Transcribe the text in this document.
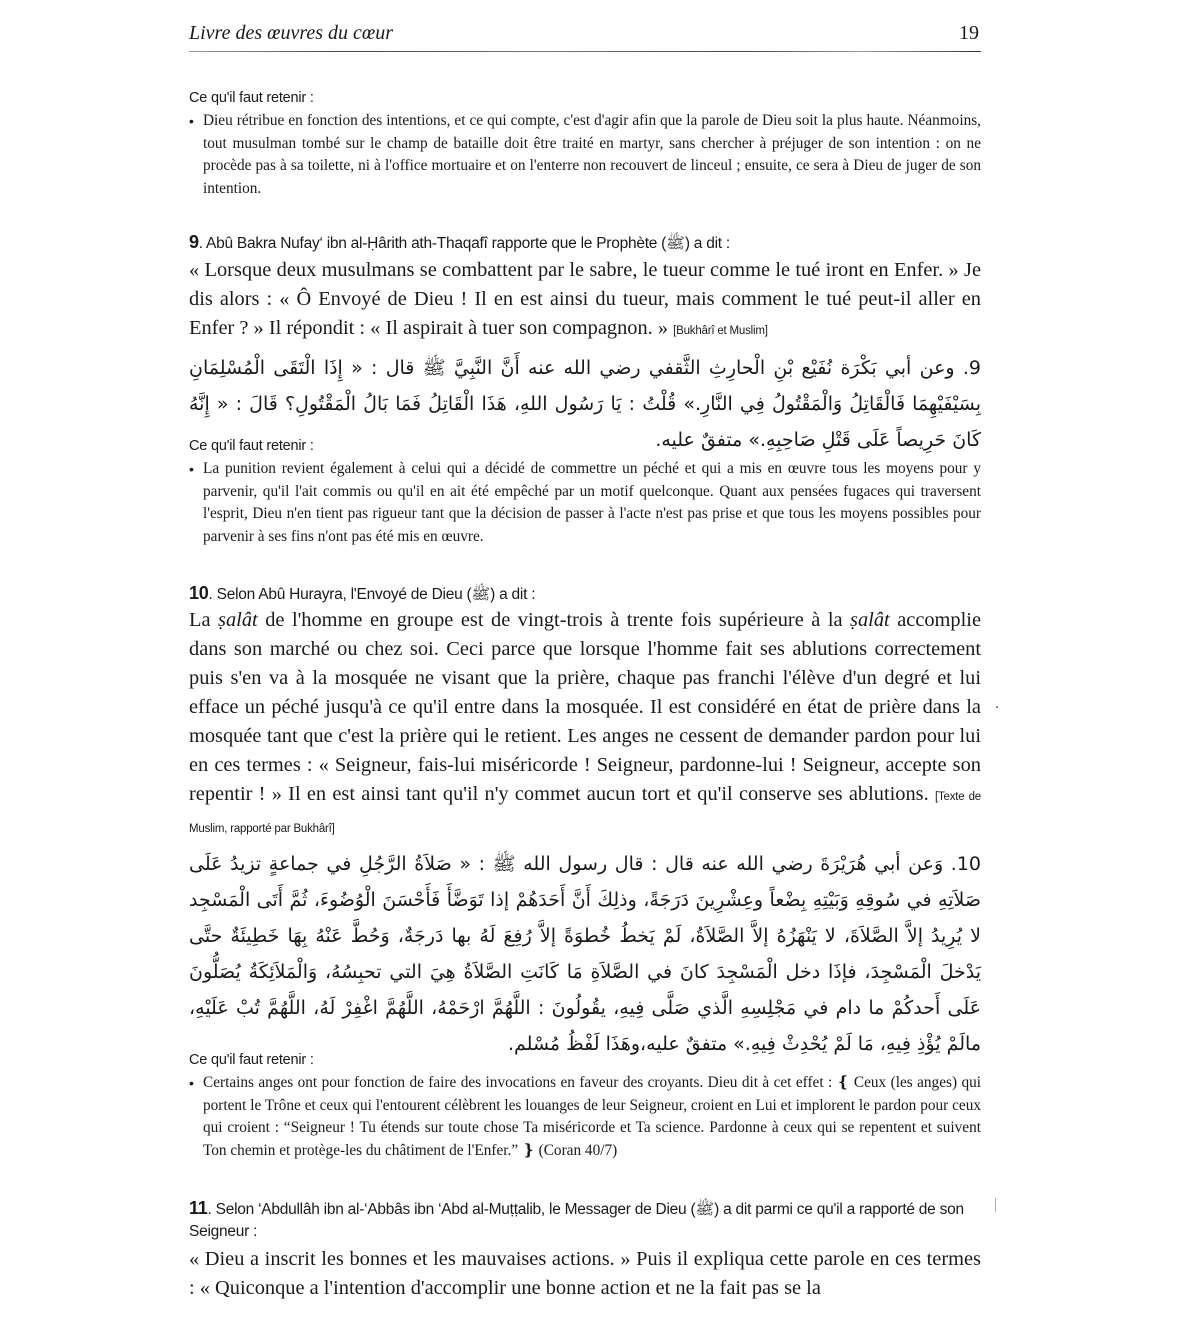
Livre des œuvres du cœur	19
Ce qu'il faut retenir :
• Dieu rétribue en fonction des intentions, et ce qui compte, c'est d'agir afin que la parole de Dieu soit la plus haute. Néanmoins, tout musulman tombé sur le champ de bataille doit être traité en martyr, sans chercher à préjuger de son intention : on ne procède pas à sa toilette, ni à l'office mortuaire et on l'enterre non recouvert de linceul ; ensuite, ce sera à Dieu de juger de son intention.
9. Abû Bakra Nufay‘ ibn al-Ḥârith ath-Thaqafî rapporte que le Prophète (ﷺ) a dit :
« Lorsque deux musulmans se combattent par le sabre, le tueur comme le tué iront en Enfer. » Je dis alors : « Ô Envoyé de Dieu ! Il en est ainsi du tueur, mais comment le tué peut-il aller en Enfer ? » Il répondit : « Il aspirait à tuer son compagnon. » [Bukhârî et Muslim]
9. وعن أبي بَكْرَة نُفَيْع بْنِ الْحارِثِ الثَّقفي رضي الله عنه أَنَّ النَّبِيَّ ﷺ قال : « إِذَا الْتَقَى الْمُسْلِمَانِ بِسَيْفَيْهِمَا فَالْقَاتِلُ وَالْمَقْتُولُ فِي النَّارِ.» قُلْتُ : يَا رَسُول اللهِ، هَذَا الْقَاتِلُ فَمَا بَالُ الْمَقْتُولِ؟ قَالَ : « إِنَّهُ كَانَ حَرِيصاً عَلَى قَتْلِ صَاحِبِهِ.» متفقٌ عليه.
Ce qu'il faut retenir :
• La punition revient également à celui qui a décidé de commettre un péché et qui a mis en œuvre tous les moyens pour y parvenir, qu'il l'ait commis ou qu'il en ait été empêché par un motif quelconque. Quant aux pensées fugaces qui traversent l'esprit, Dieu n'en tient pas rigueur tant que la décision de passer à l'acte n'est pas prise et que tous les moyens possibles pour parvenir à ses fins n'ont pas été mis en œuvre.
10. Selon Abû Hurayra, l'Envoyé de Dieu (ﷺ) a dit :
La ṣalât de l'homme en groupe est de vingt-trois à trente fois supérieure à la ṣalât accomplie dans son marché ou chez soi. Ceci parce que lorsque l'homme fait ses ablutions correctement puis s'en va à la mosquée ne visant que la prière, chaque pas franchi l'élève d'un degré et lui efface un péché jusqu'à ce qu'il entre dans la mosquée. Il est considéré en état de prière dans la mosquée tant que c'est la prière qui le retient. Les anges ne cessent de demander pardon pour lui en ces termes : « Seigneur, fais-lui miséricorde ! Seigneur, pardonne-lui ! Seigneur, accepte son repentir ! » Il en est ainsi tant qu'il n'y commet aucun tort et qu'il conserve ses ablutions. [Texte de Muslim, rapporté par Bukhârî]
10. وَعن أبي هُرَيْرَةَ رضي الله عنه قال : قال رسول الله ﷺ : « صَلاَةُ الرَّجُلِ في جماعةٍ تزيدُ عَلَى صَلاَتِهِ في سُوقِهِ وَبَيْتِهِ بِضْعاً وعِشْرِينَ دَرَجَةً، وذلِكَ أَنَّ أَحَدَهُمْ إذا تَوَضَّأَ فَأَحْسَنَ الْوُضُوءَ، ثُمَّ أَتَى الْمَسْجِد لا يُرِيدُ إلاَّ الصَّلاَةَ، لا يَنْهَزُهُ إلاَّ الصَّلاَةُ، لَمْ يَخطُ خُطوَةً إلاَّ رُفِعَ لَهُ بها دَرجَةٌ، وَحُطَّ عَنْهُ بِهَا خَطِيئَةٌ حتَّى يَدْخلَ الْمَسْجِدَ، فإذَا دخل الْمَسْجِدَ كانَ في الصَّلاَةِ مَا كَانَتِ الصَّلاَةُ هِيَ التي تحبِسُهُ، وَالْمَلاَئِكَةُ يُصَلُّونَ عَلَى أَحدكُمْ ما دام في مَجْلِسِهِ الَّذي صَلَّى فِيهِ، يقُولُونَ : اللَّهُمَّ ارْحَمْهُ، اللَّهُمَّ اغْفِرْ لَهُ، اللَّهُمَّ تُبْ عَلَيْهِ، مالَمْ يُؤْذِ فِيهِ، مَا لَمْ يُحْدِثْ فِيهِ.» متفقٌ عليه،وهَذَا لَفْظُ مُسْلم.
Ce qu'il faut retenir :
• Certains anges ont pour fonction de faire des invocations en faveur des croyants. Dieu dit à cet effet : ❴ Ceux (les anges) qui portent le Trône et ceux qui l'entourent célèbrent les louanges de leur Seigneur, croient en Lui et implorent le pardon pour ceux qui croient : “Seigneur ! Tu étends sur toute chose Ta miséricorde et Ta science. Pardonne à ceux qui se repentent et suivent Ton chemin et protège-les du châtiment de l'Enfer.” ❵ (Coran 40/7)
11. Selon ‘Abdullâh ibn al-‘Abbâs ibn ‘Abd al-Muṭṭalib, le Messager de Dieu (ﷺ) a dit parmi ce qu'il a rapporté de son Seigneur :
« Dieu a inscrit les bonnes et les mauvaises actions. » Puis il expliqua cette parole en ces termes : « Quiconque a l'intention d'accomplir une bonne action et ne la fait pas se la
